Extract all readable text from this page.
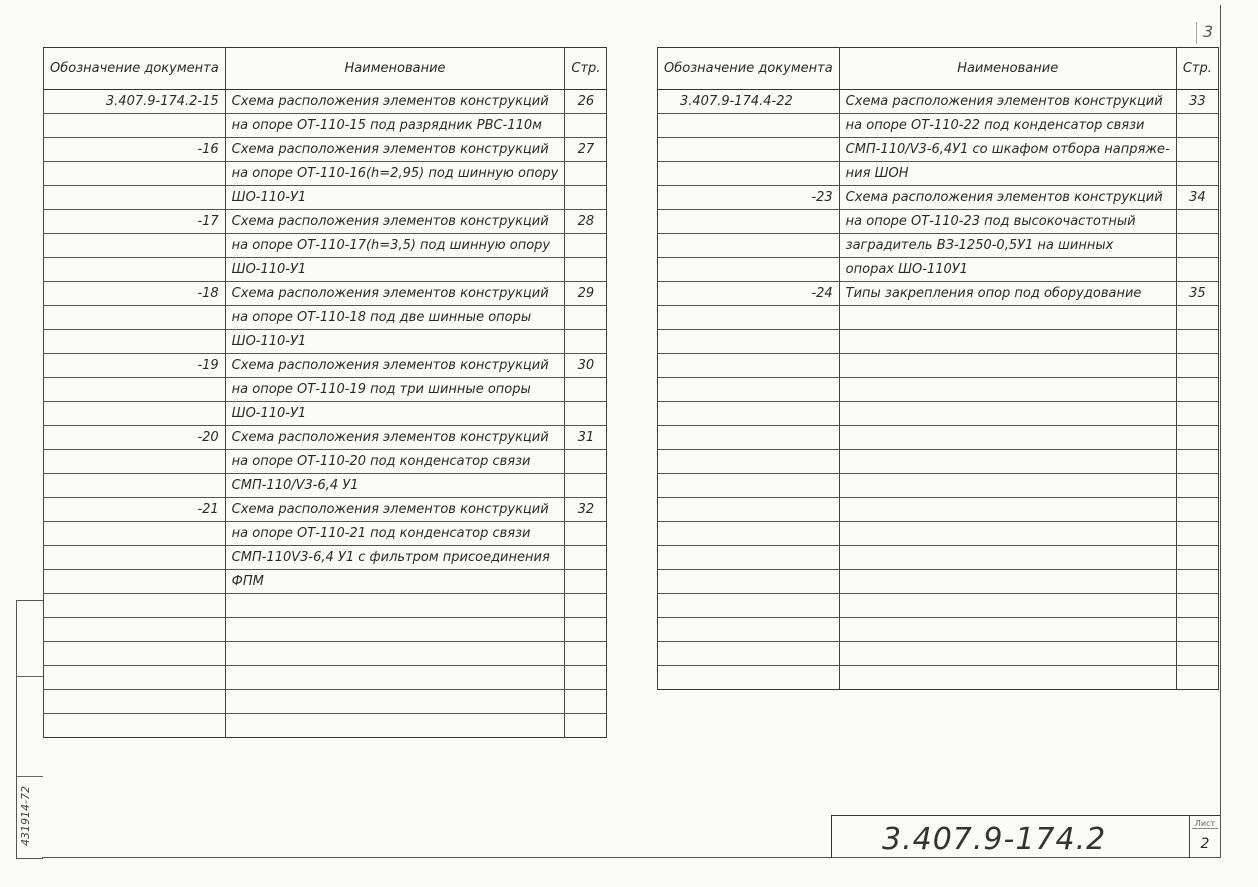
3
431914-72
Обозначение документа	Наименование	Стр.
3.407.9-174.2-15	Схема расположения элементов конструкций	26
	на опоре ОТ-110-15 под разрядник РВС-110м	
-16	Схема расположения элементов конструкций	27
	на опоре ОТ-110-16(h=2,95) под шинную опору	
	ШО-110-У1	
-17	Схема расположения элементов конструкций	28
	на опоре ОТ-110-17(h=3,5) под шинную опору	
	ШО-110-У1	
-18	Схема расположения элементов конструкций	29
	на опоре ОТ-110-18 под две шинные опоры	
	ШО-110-У1	
-19	Схема расположения элементов конструкций	30
	на опоре ОТ-110-19 под три шинные опоры	
	ШО-110-У1	
-20	Схема расположения элементов конструкций	31
	на опоре ОТ-110-20 под конденсатор связи	
	СМП-110/V3-6,4 У1	
-21	Схема расположения элементов конструкций	32
	на опоре ОТ-110-21 под конденсатор связи	
	СМП-110V3-6,4 У1 с фильтром присоединения	
	ФПМ	

Обозначение документа	Наименование	Стр.
3.407.9-174.4-22	Схема расположения элементов конструкций	33
	на опоре ОТ-110-22 под конденсатор связи	
	СМП-110/V3-6,4У1 со шкафом отбора напряже-	
	ния ШОН	
-23	Схема расположения элементов конструкций	34
	на опоре ОТ-110-23 под высокочастотный	
	заградитель ВЗ-1250-0,5У1 на шинных	
	опорах ШО-110У1	
-24	Типы закрепления опор под оборудование	35

3.407.9-174.2	Лист
2
